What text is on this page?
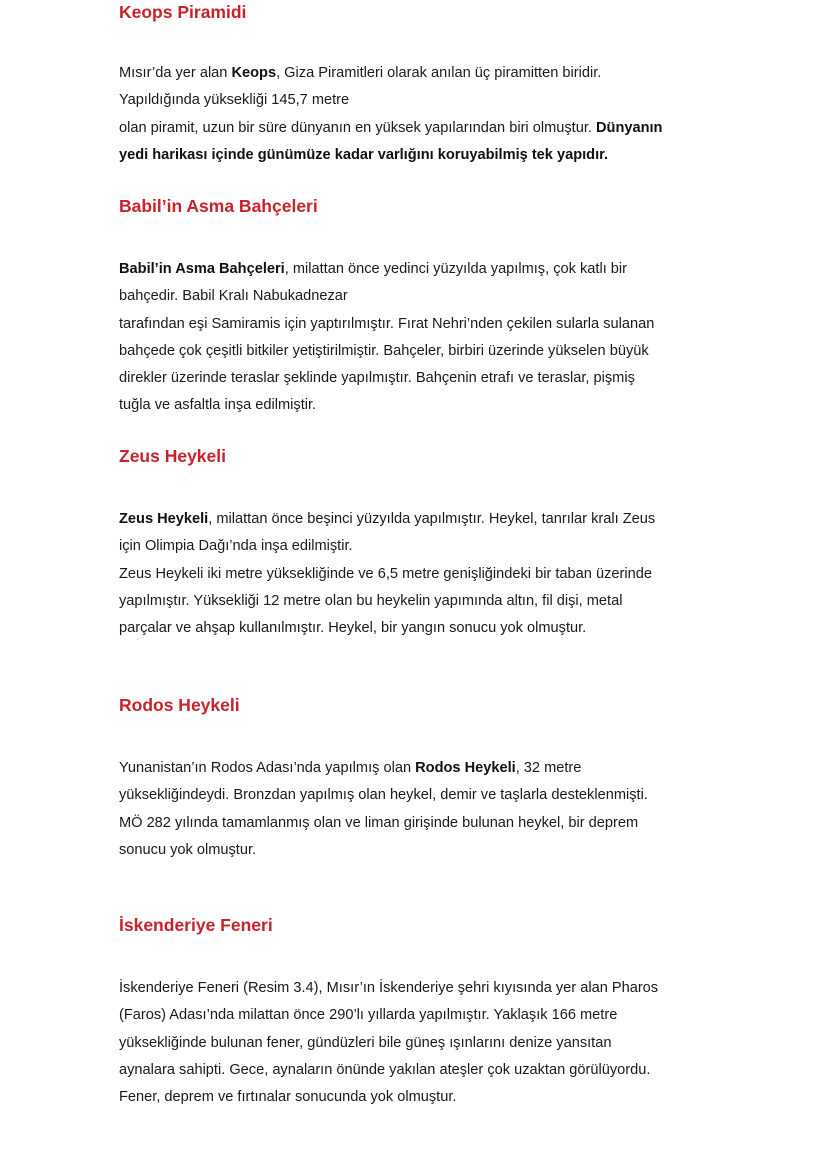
Keops Piramidi
Mısır’da yer alan Keops, Giza Piramitleri olarak anılan üç piramitten biridir.
Yapıldığında yüksekliği 145,7 metre
olan piramit, uzun bir süre dünyanın en yüksek yapılarından biri olmuştur. Dünyanın
yedi harikası içinde günümüze kadar varlığını koruyabilmiş tek yapıdır.
Babil’in Asma Bahçeleri
Babil’in Asma Bahçeleri, milattan önce yedinci yüzyılda yapılmış, çok katlı bir
bahçedir. Babil Kralı Nabukadnezar
tarafından eşi Samiramis için yaptırılmıştır. Fırat Nehri’nden çekilen sularla sulanan
bahçede çok çeşitli bitkiler yetiştirilmiştir. Bahçeler, birbiri üzerinde yükselen büyük
direkler üzerinde teraslar şeklinde yapılmıştır. Bahçenin etrafı ve teraslar, pişmiş
tuğla ve asfaltla inşa edilmiştir.
Zeus Heykeli
Zeus Heykeli, milattan önce beşinci yüzyılda yapılmıştır. Heykel, tanrılar kralı Zeus
için Olimpia Dağı’nda inşa edilmiştir.
Zeus Heykeli iki metre yüksekliğinde ve 6,5 metre genişliğindeki bir taban üzerinde
yapılmıştır. Yüksekliği 12 metre olan bu heykelin yapımında altın, fil dişi, metal
parçalar ve ahşap kullanılmıştır. Heykel, bir yangın sonucu yok olmuştur.
Rodos Heykeli
Yunanistan’ın Rodos Adası’nda yapılmış olan Rodos Heykeli, 32 metre
yüksekliğindeydi. Bronzdan yapılmış olan heykel, demir ve taşlarla desteklenmişti.
MÖ 282 yılında tamamlanmış olan ve liman girişinde bulunan heykel, bir deprem
sonucu yok olmuştur.
İskenderiye Feneri
İskenderiye Feneri (Resim 3.4), Mısır’ın İskenderiye şehri kıyısında yer alan Pharos
(Faros) Adası’nda milattan önce 290’lı yıllarda yapılmıştır. Yaklaşık 166 metre
yüksekliğinde bulunan fener, gündüzleri bile güneş ışınlarını denize yansıtan
aynalara sahipti. Gece, aynaların önünde yakılan ateşler çok uzaktan görülüyordu.
Fener, deprem ve fırtınalar sonucunda yok olmuştur.
